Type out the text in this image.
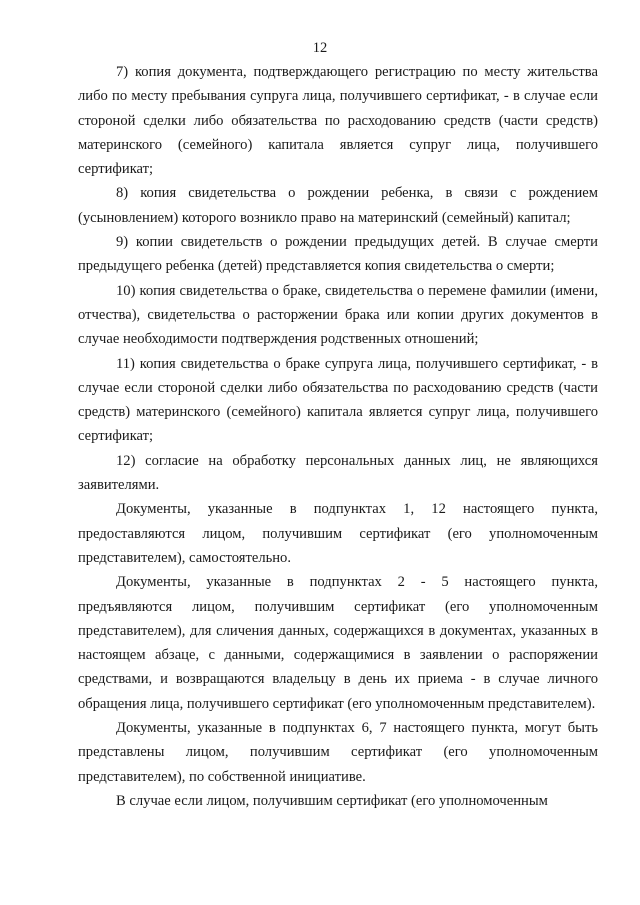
12

7) копия документа, подтверждающего регистрацию по месту жительства либо по месту пребывания супруга лица, получившего сертификат, - в случае если стороной сделки либо обязательства по расходованию средств (части средств) материнского (семейного) капитала является супруг лица, получившего сертификат;

8) копия свидетельства о рождении ребенка, в связи с рождением (усыновлением) которого возникло право на материнский (семейный) капитал;

9) копии свидетельств о рождении предыдущих детей. В случае смерти предыдущего ребенка (детей) представляется копия свидетельства о смерти;

10) копия свидетельства о браке, свидетельства о перемене фамилии (имени, отчества), свидетельства о расторжении брака или копии других документов в случае необходимости подтверждения родственных отношений;

11) копия свидетельства о браке супруга лица, получившего сертификат, - в случае если стороной сделки либо обязательства по расходованию средств (части средств) материнского (семейного) капитала является супруг лица, получившего сертификат;

12) согласие на обработку персональных данных лиц, не являющихся заявителями.

Документы, указанные в подпунктах 1, 12 настоящего пункта, предоставляются лицом, получившим сертификат (его уполномоченным представителем), самостоятельно.

Документы, указанные в подпунктах 2 - 5 настоящего пункта, предъявляются лицом, получившим сертификат (его уполномоченным представителем), для сличения данных, содержащихся в документах, указанных в настоящем абзаце, с данными, содержащимися в заявлении о распоряжении средствами, и возвращаются владельцу в день их приема - в случае личного обращения лица, получившего сертификат (его уполномоченным представителем).

Документы, указанные в подпунктах 6, 7 настоящего пункта, могут быть представлены лицом, получившим сертификат (его уполномоченным представителем), по собственной инициативе.

В случае если лицом, получившим сертификат (его уполномоченным
